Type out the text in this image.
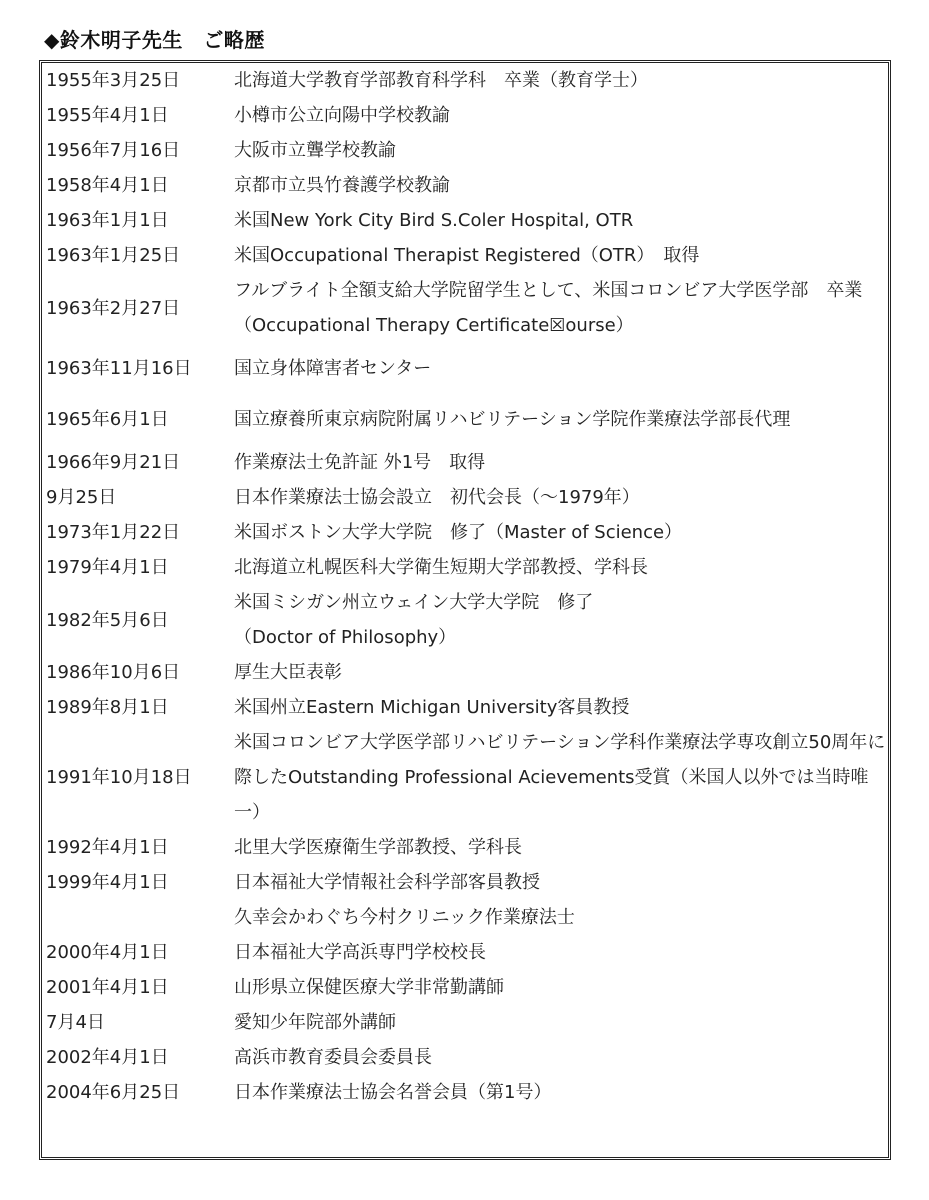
◆鈴木明子先生　ご略歴
1955年3月25日	北海道大学教育学部教育科学科　卒業（教育学士）
1955年4月1日	小樽市公立向陽中学校教諭
1956年7月16日	大阪市立聾学校教諭
1958年4月1日	京都市立呉竹養護学校教諭
1963年1月1日	米国New York City Bird S.Coler Hospital, OTR
1963年1月25日	米国Occupational Therapist Registered（OTR）　取得
1963年2月27日	フルブライト全額支給大学院留学生として、米国コロンビア大学医学部　卒業（Occupational Therapy Certificate☒ourse）
1963年11月16日	国立身体障害者センター
1965年6月1日	国立療養所東京病院附属リハビリテーション学院作業療法学部長代理
1966年9月21日	作業療法士免許証 外1号　取得
9月25日	日本作業療法士協会設立　初代会長（～1979年）
1973年1月22日	米国ボストン大学大学院　修了（Master of Science）
1979年4月1日	北海道立札幌医科大学衛生短期大学部教授、学科長
1982年5月6日	米国ミシガン州立ウェイン大学大学院　修了
（Doctor of Philosophy）
1986年10月6日	厚生大臣表彰
1989年8月1日	米国州立Eastern Michigan University客員教授
1991年10月18日	米国コロンビア大学医学部リハビリテーション学科作業療法学専攻創立50周年に際したOutstanding Professional Acievements受賞（米国人以外では当時唯一）
1992年4月1日	北里大学医療衛生学部教授、学科長
1999年4月1日	日本福祉大学情報社会科学部客員教授
	久幸会かわぐち今村クリニック作業療法士
2000年4月1日	日本福祉大学高浜専門学校校長
2001年4月1日	山形県立保健医療大学非常勤講師
7月4日	愛知少年院部外講師
2002年4月1日	高浜市教育委員会委員長
2004年6月25日	日本作業療法士協会名誉会員（第1号）
